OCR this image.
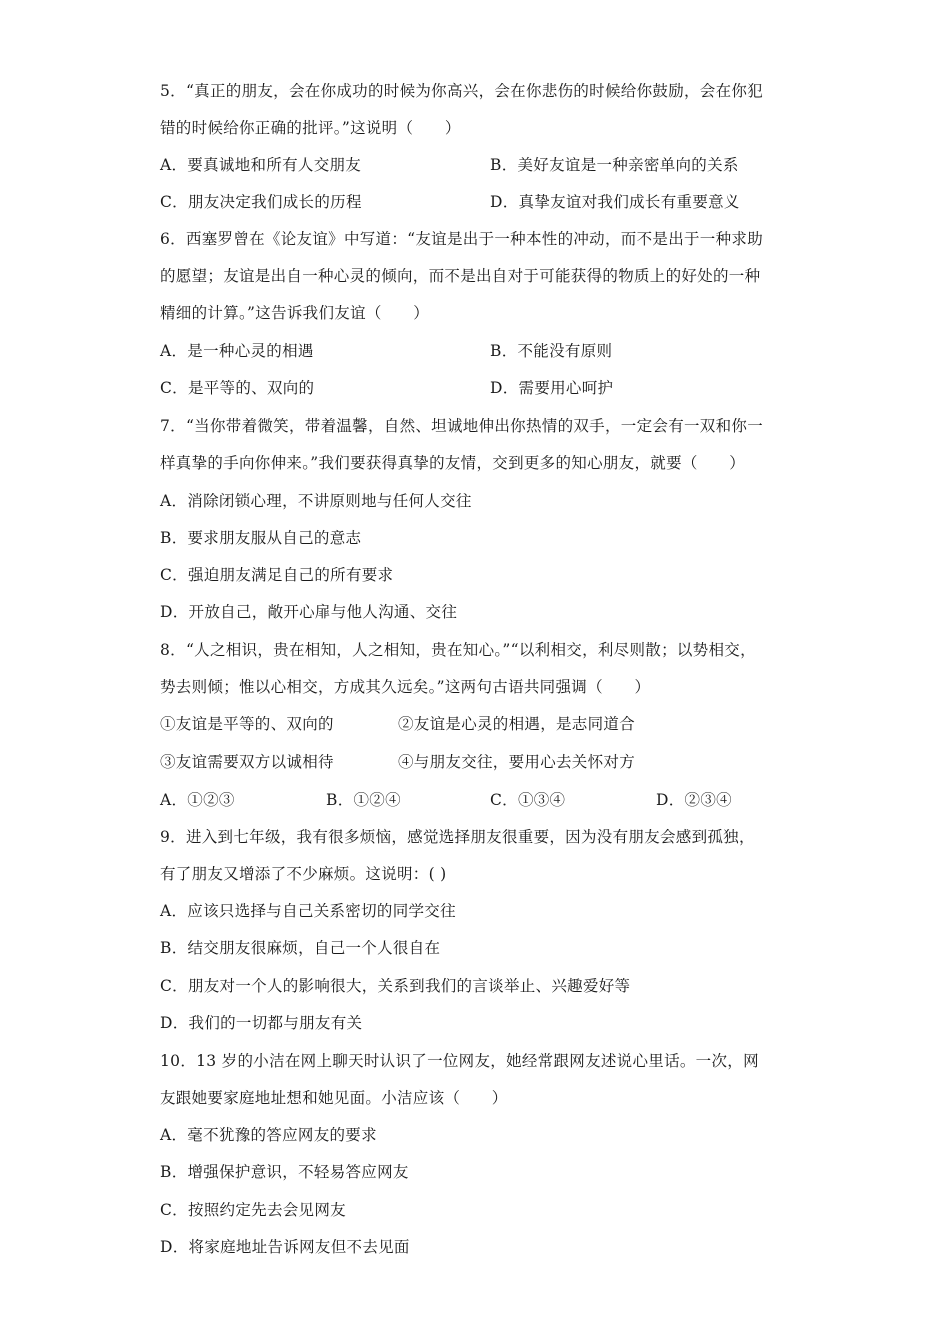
5．“真正的朋友，会在你成功的时候为你高兴，会在你悲伤的时候给你鼓励，会在你犯
错的时候给你正确的批评。”这说明（　　）
A．要真诚地和所有人交朋友	B．美好友谊是一种亲密单向的关系
C．朋友决定我们成长的历程	D．真挚友谊对我们成长有重要意义
6．西塞罗曾在《论友谊》中写道：“友谊是出于一种本性的冲动，而不是出于一种求助
的愿望；友谊是出自一种心灵的倾向，而不是出自对于可能获得的物质上的好处的一种
精细的计算。”这告诉我们友谊（　　）
A．是一种心灵的相遇	B．不能没有原则
C．是平等的、双向的	D．需要用心呵护
7．“当你带着微笑，带着温馨，自然、坦诚地伸出你热情的双手，一定会有一双和你一
样真挚的手向你伸来。”我们要获得真挚的友情，交到更多的知心朋友，就要（　　）
A．消除闭锁心理，不讲原则地与任何人交往
B．要求朋友服从自己的意志
C．强迫朋友满足自己的所有要求
D．开放自己，敞开心扉与他人沟通、交往
8．“人之相识，贵在相知，人之相知，贵在知心。”“以利相交，利尽则散；以势相交，
势去则倾；惟以心相交，方成其久远矣。”这两句古语共同强调（　　）
①友谊是平等的、双向的	②友谊是心灵的相遇，是志同道合
③友谊需要双方以诚相待	④与朋友交往，要用心去关怀对方
A．①②③	B．①②④	C．①③④	D．②③④
9．进入到七年级，我有很多烦恼，感觉选择朋友很重要，因为没有朋友会感到孤独，
有了朋友又增添了不少麻烦。这说明：( )
A．应该只选择与自己关系密切的同学交往
B．结交朋友很麻烦，自己一个人很自在
C．朋友对一个人的影响很大，关系到我们的言谈举止、兴趣爱好等
D．我们的一切都与朋友有关
10．13 岁的小洁在网上聊天时认识了一位网友，她经常跟网友述说心里话。一次，网
友跟她要家庭地址想和她见面。小洁应该（　　）
A．毫不犹豫的答应网友的要求
B．增强保护意识，不轻易答应网友
C．按照约定先去会见网友
D．将家庭地址告诉网友但不去见面
